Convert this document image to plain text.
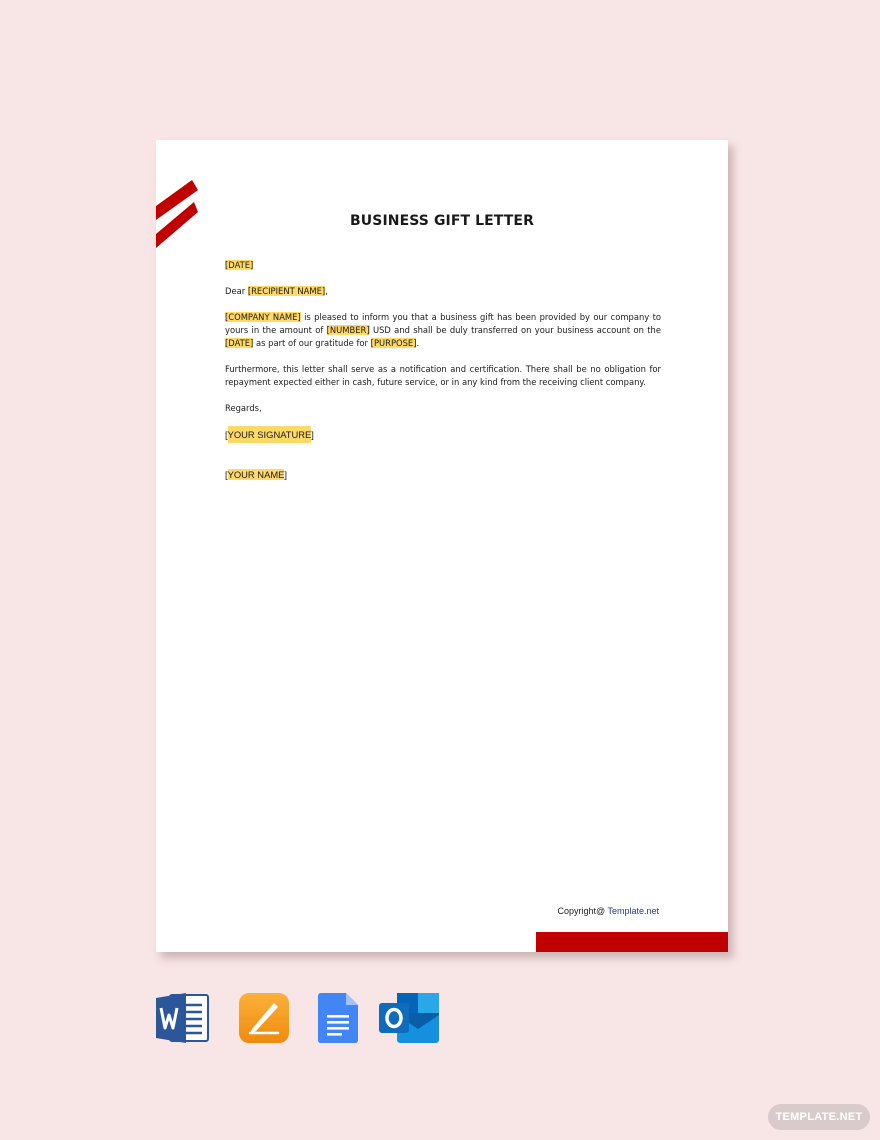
BUSINESS GIFT LETTER

[DATE]

Dear [RECIPIENT NAME],

[COMPANY NAME] is pleased to inform you that a business gift has been provided by our company to yours in the amount of [NUMBER] USD and shall be duly transferred on your business account on the [DATE] as part of our gratitude for [PURPOSE].

Furthermore, this letter shall serve as a notification and certification. There shall be no obligation for repayment expected either in cash, future service, or in any kind from the receiving client company.

Regards,

[YOUR SIGNATURE]

[YOUR NAME]

Copyright@ Template.net
TEMPLATE.NET
